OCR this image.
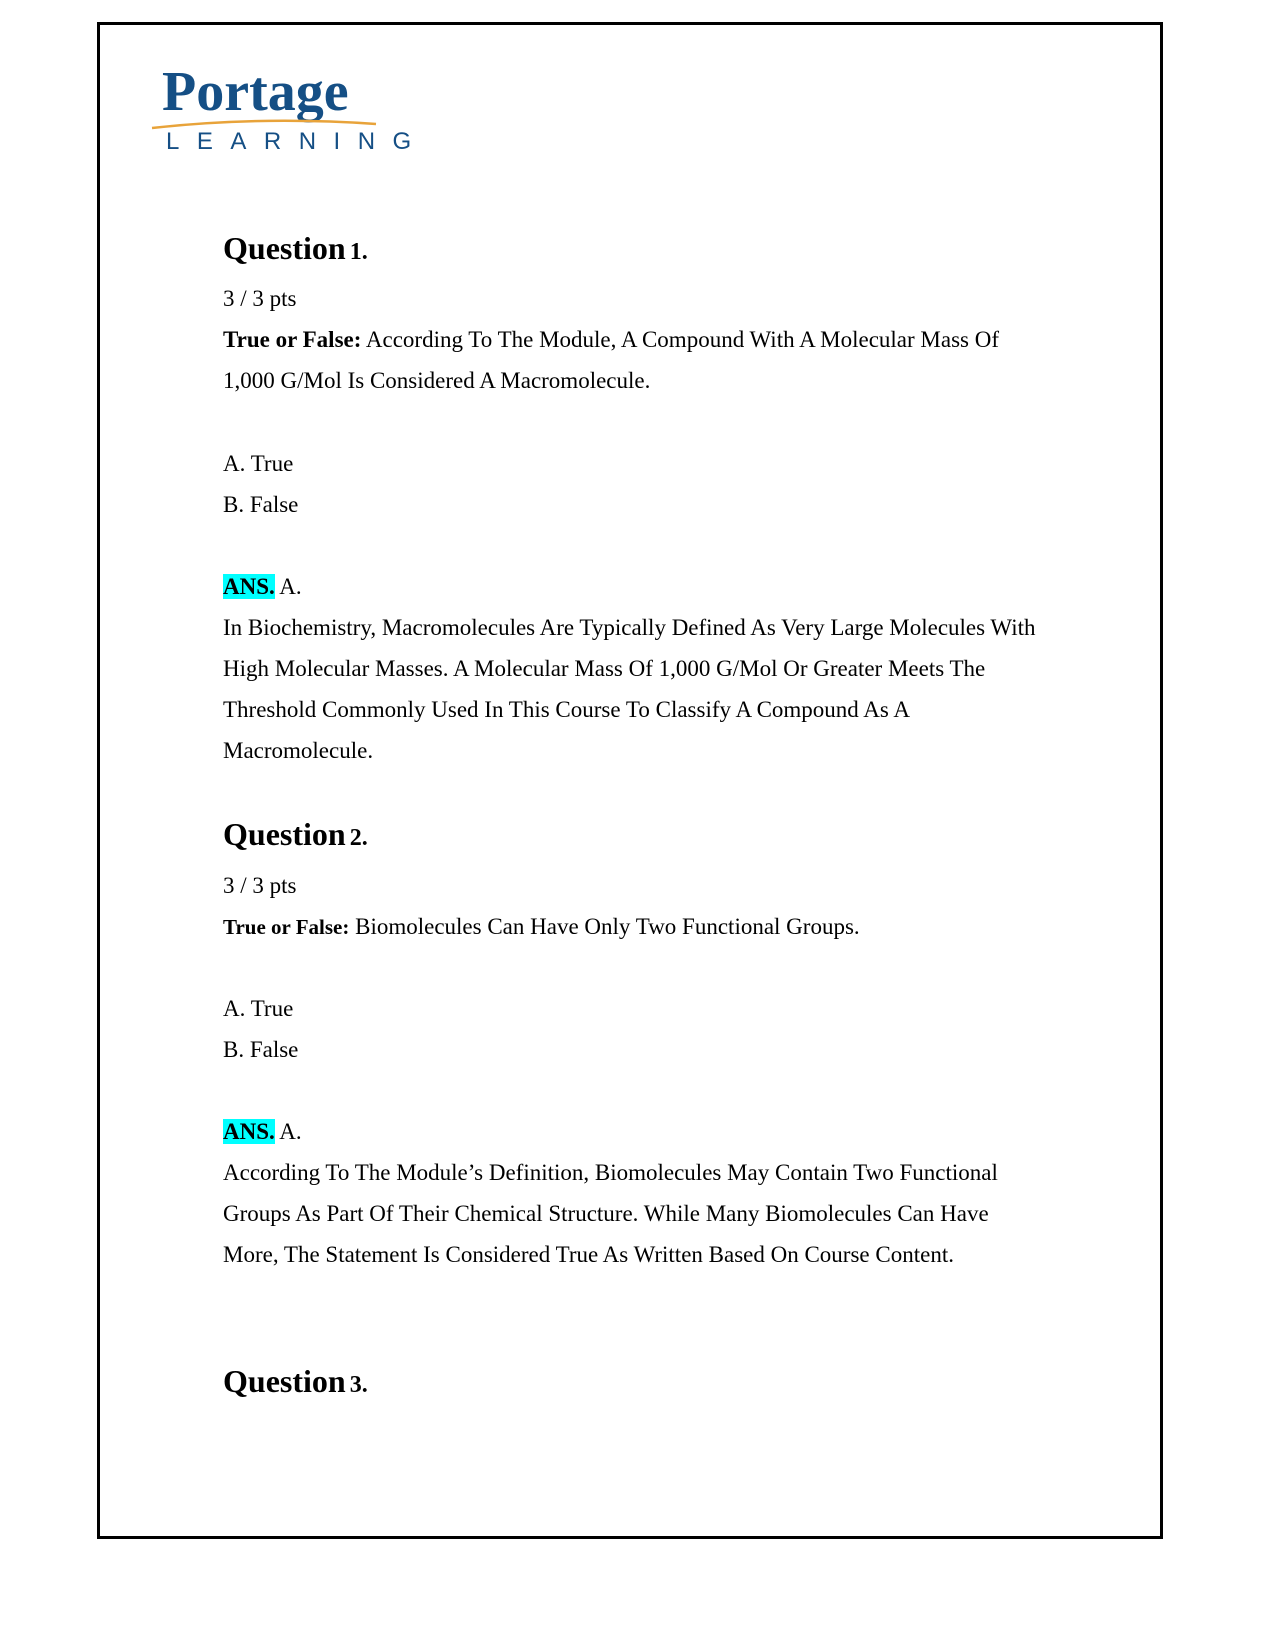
Portage
LEARNING
Question 1.
3 / 3 pts
True or False: According To The Module, A Compound With A Molecular Mass Of
1,000 G/Mol Is Considered A Macromolecule.
A. True
B. False
ANS. A.
In Biochemistry, Macromolecules Are Typically Defined As Very Large Molecules With
High Molecular Masses. A Molecular Mass Of 1,000 G/Mol Or Greater Meets The
Threshold Commonly Used In This Course To Classify A Compound As A
Macromolecule.
Question 2.
3 / 3 pts
True or False: Biomolecules Can Have Only Two Functional Groups.
A. True
B. False
ANS. A.
According To The Module’s Definition, Biomolecules May Contain Two Functional
Groups As Part Of Their Chemical Structure. While Many Biomolecules Can Have
More, The Statement Is Considered True As Written Based On Course Content.
Question 3.
